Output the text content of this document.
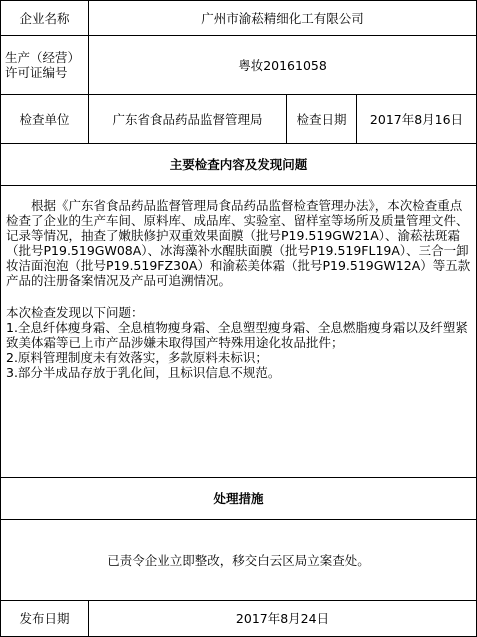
企业名称	广州市渝菘精细化工有限公司		

生产（经营）
许可证编号	粤妆20161058		
检查单位	广东省食品药品监督管理局	检查日期	2017年8月16日
主要检查内容及发现问题			

根据《广东省食品药品监督管理局食品药品监督检查管理办法》，本次检查重点检查了企业的生产车间、原料库、成品库、实验室、留样室等场所及质量管理文件、记录等情况，抽查了嫩肤修护双重效果面膜（批号P19.519GW21A）、渝菘祛斑霜（批号P19.519GW08A）、冰海藻补水醒肤面膜（批号P19.519FL19A）、三合一卸妆洁面泡泡（批号P19.519FZ30A）和渝菘美体霜（批号P19.519GW12A）等五款产品的注册备案情况及产品可追溯情况。

本次检查发现以下问题：

1.全息纤体瘦身霜、全息植物瘦身霜、全息塑型瘦身霜、全息燃脂瘦身霜以及纤塑紧致美体霜等已上市产品涉嫌未取得国产特殊用途化妆品批件；

2.原料管理制度未有效落实，多款原料未标识；

3.部分半成品存放于乳化间，且标识信息不规范。			

处理措施			
已责令企业立即整改，移交白云区局立案查处。			
发布日期	2017年8月24日		
